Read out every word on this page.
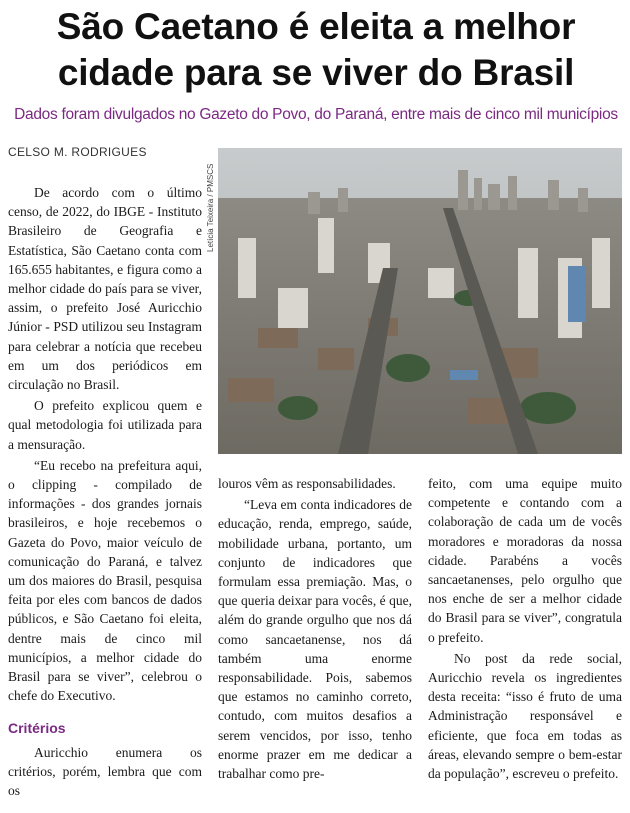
São Caetano é eleita a melhor cidade para se viver do Brasil
Dados foram divulgados no Gazeto do Povo, do Paraná, entre mais de cinco mil municípios
CELSO M. RODRIGUES
Letícia Teixeira / PMSCS

De acordo com o último censo, de 2022, do IBGE - Instituto Brasileiro de Geografia e Estatística, São Caetano conta com 165.655 habitantes, e figura como a melhor cidade do país para se viver, assim, o prefeito José Auricchio Júnior - PSD utilizou seu Instagram para celebrar a notícia que recebeu em um dos periódicos em circulação no Brasil.

O prefeito explicou quem e qual metodologia foi utilizada para a mensuração.

“Eu recebo na prefeitura aqui, o clipping - compilado de informações - dos grandes jornais brasileiros, e hoje recebemos o Gazeta do Povo, maior veículo de comunicação do Paraná, e talvez um dos maiores do Brasil, pesquisa feita por eles com bancos de dados públicos, e São Caetano foi eleita, dentre mais de cinco mil municípios, a melhor cidade do Brasil para se viver”, celebrou o chefe do Executivo.

Critérios

Auricchio enumera os critérios, porém, lembra que com os

louros vêm as responsabilidades.

“Leva em conta indicadores de educação, renda, emprego, saúde, mobilidade urbana, portanto, um conjunto de indicadores que formulam essa premiação. Mas, o que queria deixar para vocês, é que, além do grande orgulho que nos dá como sancaetanense, nos dá também uma enorme responsabilidade. Pois, sabemos que estamos no caminho correto, contudo, com muitos desafios a serem vencidos, por isso, tenho enorme prazer em me dedicar a trabalhar como pre-

feito, com uma equipe muito competente e contando com a colaboração de cada um de vocês moradores e moradoras da nossa cidade. Parabéns a vocês sancaetanenses, pelo orgulho que nos enche de ser a melhor cidade do Brasil para se viver”, congratula o prefeito.

No post da rede social, Auricchio revela os ingredientes desta receita: “isso é fruto de uma Administração responsável e eficiente, que foca em todas as áreas, elevando sempre o bem-estar da população”, escreveu o prefeito.
